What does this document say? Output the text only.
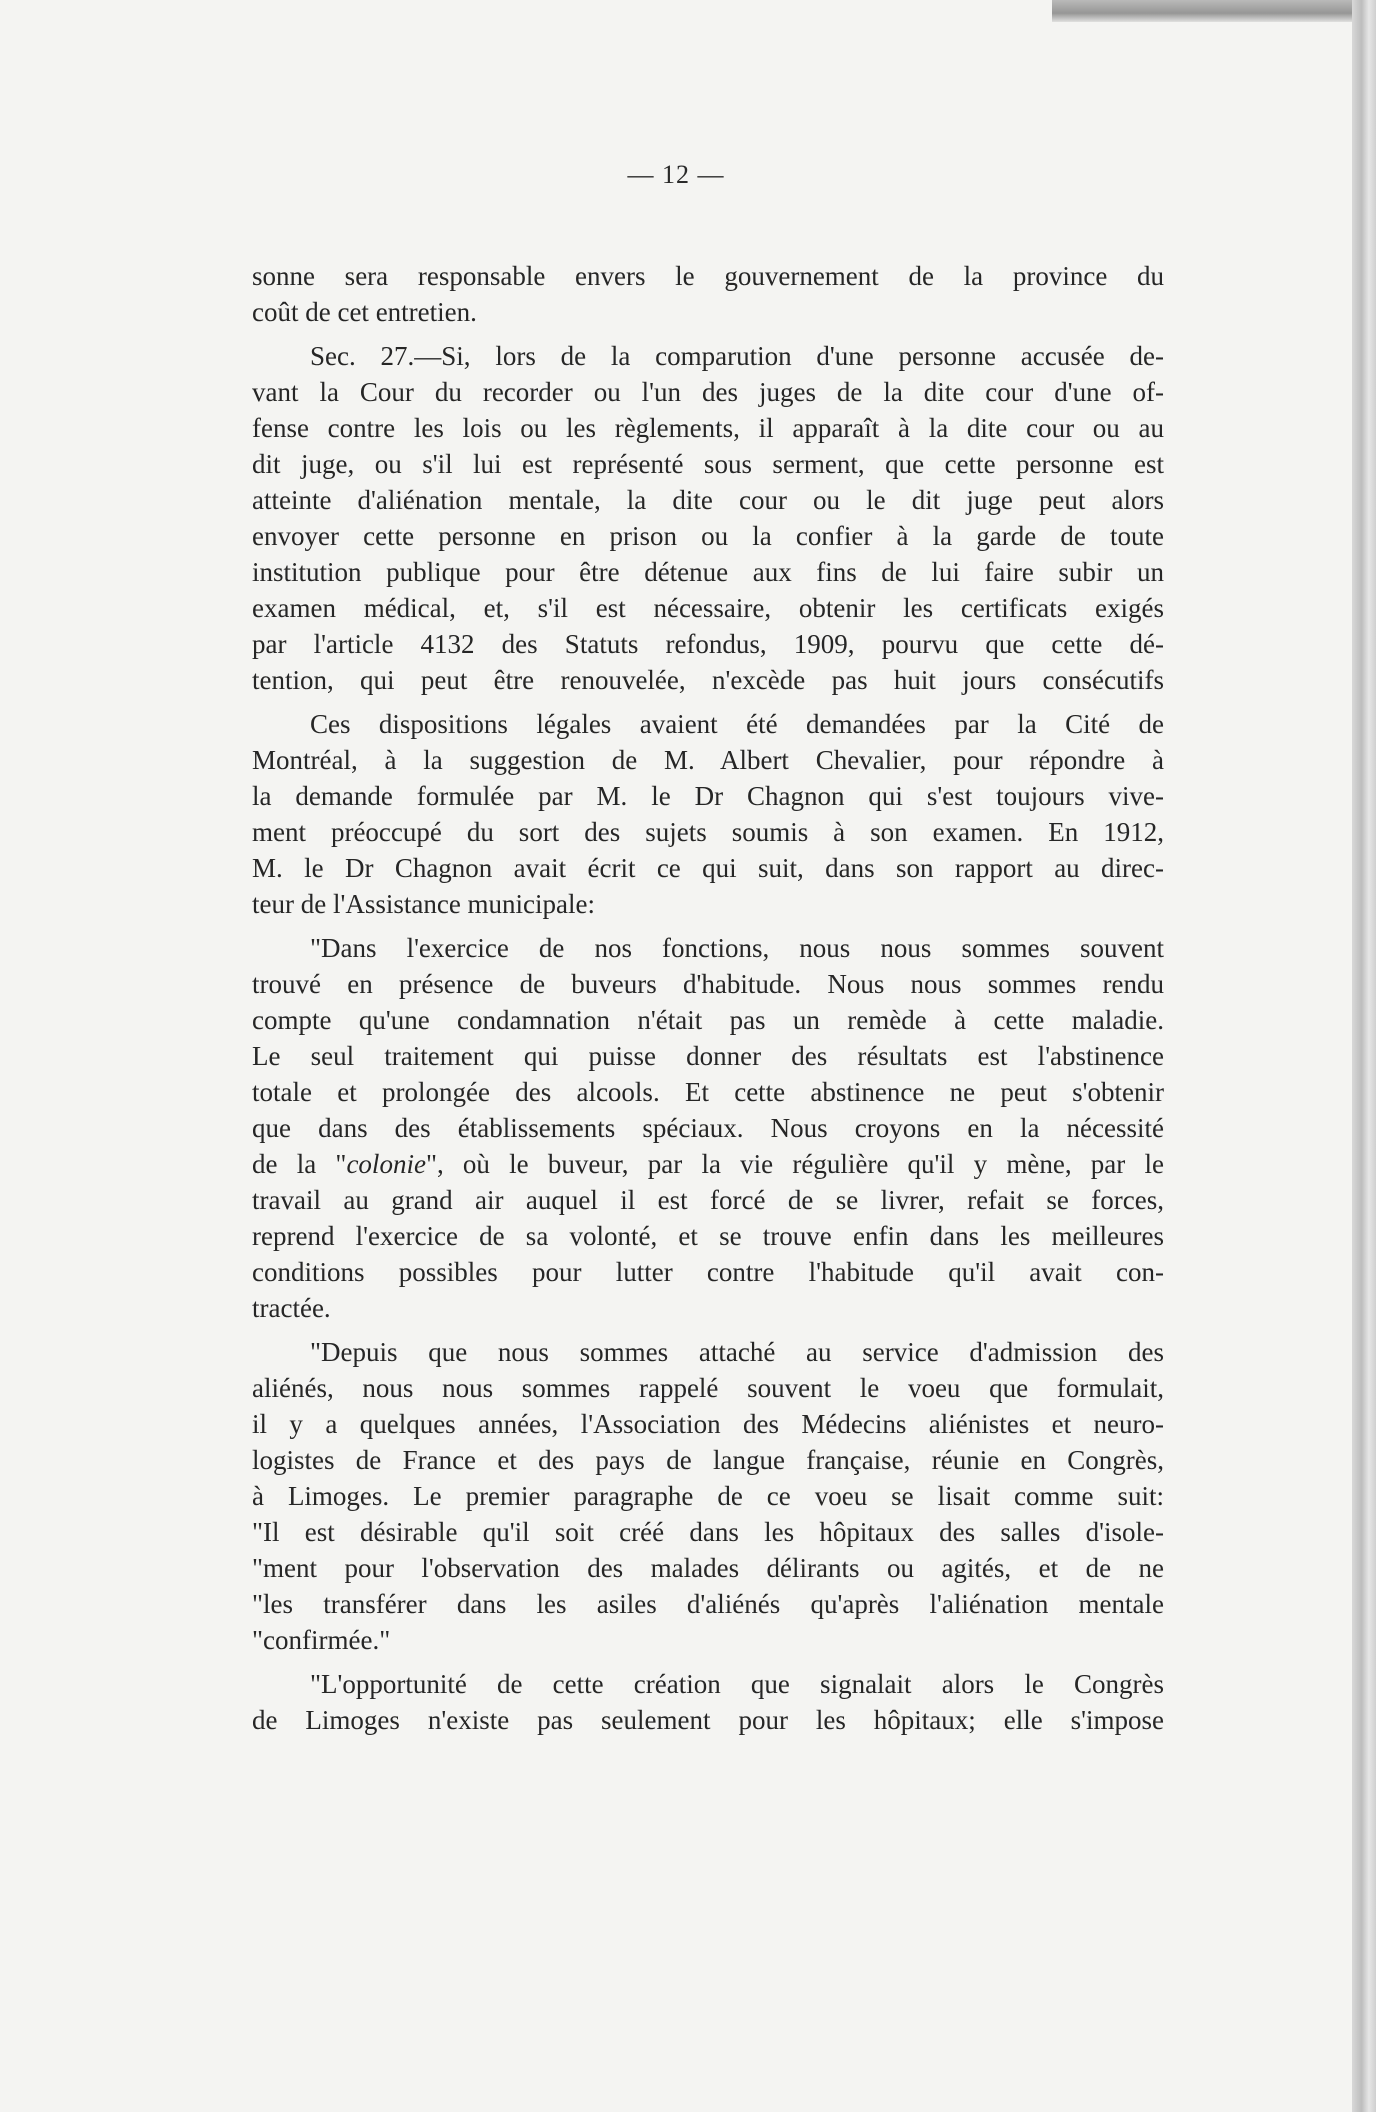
— 12 —
sonne sera responsable envers le gouvernement de la province du
coût de cet entretien.
Sec. 27.—Si, lors de la comparution d'une personne accusée de-
vant la Cour du recorder ou l'un des juges de la dite cour d'une of-
fense contre les lois ou les règlements, il apparaît à la dite cour ou au
dit juge, ou s'il lui est représenté sous serment, que cette personne est
atteinte d'aliénation mentale, la dite cour ou le dit juge peut alors
envoyer cette personne en prison ou la confier à la garde de toute
institution publique pour être détenue aux fins de lui faire subir un
examen médical, et, s'il est nécessaire, obtenir les certificats exigés
par l'article 4132 des Statuts refondus, 1909, pourvu que cette dé-
tention, qui peut être renouvelée, n'excède pas huit jours consécutifs
Ces dispositions légales avaient été demandées par la Cité de
Montréal, à la suggestion de M. Albert Chevalier, pour répondre à
la demande formulée par M. le Dr Chagnon qui s'est toujours vive-
ment préoccupé du sort des sujets soumis à son examen. En 1912,
M. le Dr Chagnon avait écrit ce qui suit, dans son rapport au direc-
teur de l'Assistance municipale:
"Dans l'exercice de nos fonctions, nous nous sommes souvent
trouvé en présence de buveurs d'habitude. Nous nous sommes rendu
compte qu'une condamnation n'était pas un remède à cette maladie.
Le seul traitement qui puisse donner des résultats est l'abstinence
totale et prolongée des alcools. Et cette abstinence ne peut s'obtenir
que dans des établissements spéciaux. Nous croyons en la nécessité
de la "colonie", où le buveur, par la vie régulière qu'il y mène, par le
travail au grand air auquel il est forcé de se livrer, refait se forces,
reprend l'exercice de sa volonté, et se trouve enfin dans les meilleures
conditions possibles pour lutter contre l'habitude qu'il avait con-
tractée.
"Depuis que nous sommes attaché au service d'admission des
aliénés, nous nous sommes rappelé souvent le voeu que formulait,
il y a quelques années, l'Association des Médecins aliénistes et neuro-
logistes de France et des pays de langue française, réunie en Congrès,
à Limoges. Le premier paragraphe de ce voeu se lisait comme suit:
"Il est désirable qu'il soit créé dans les hôpitaux des salles d'isole-
"ment pour l'observation des malades délirants ou agités, et de ne
"les transférer dans les asiles d'aliénés qu'après l'aliénation mentale
"confirmée."
"L'opportunité de cette création que signalait alors le Congrès
de Limoges n'existe pas seulement pour les hôpitaux; elle s'impose
